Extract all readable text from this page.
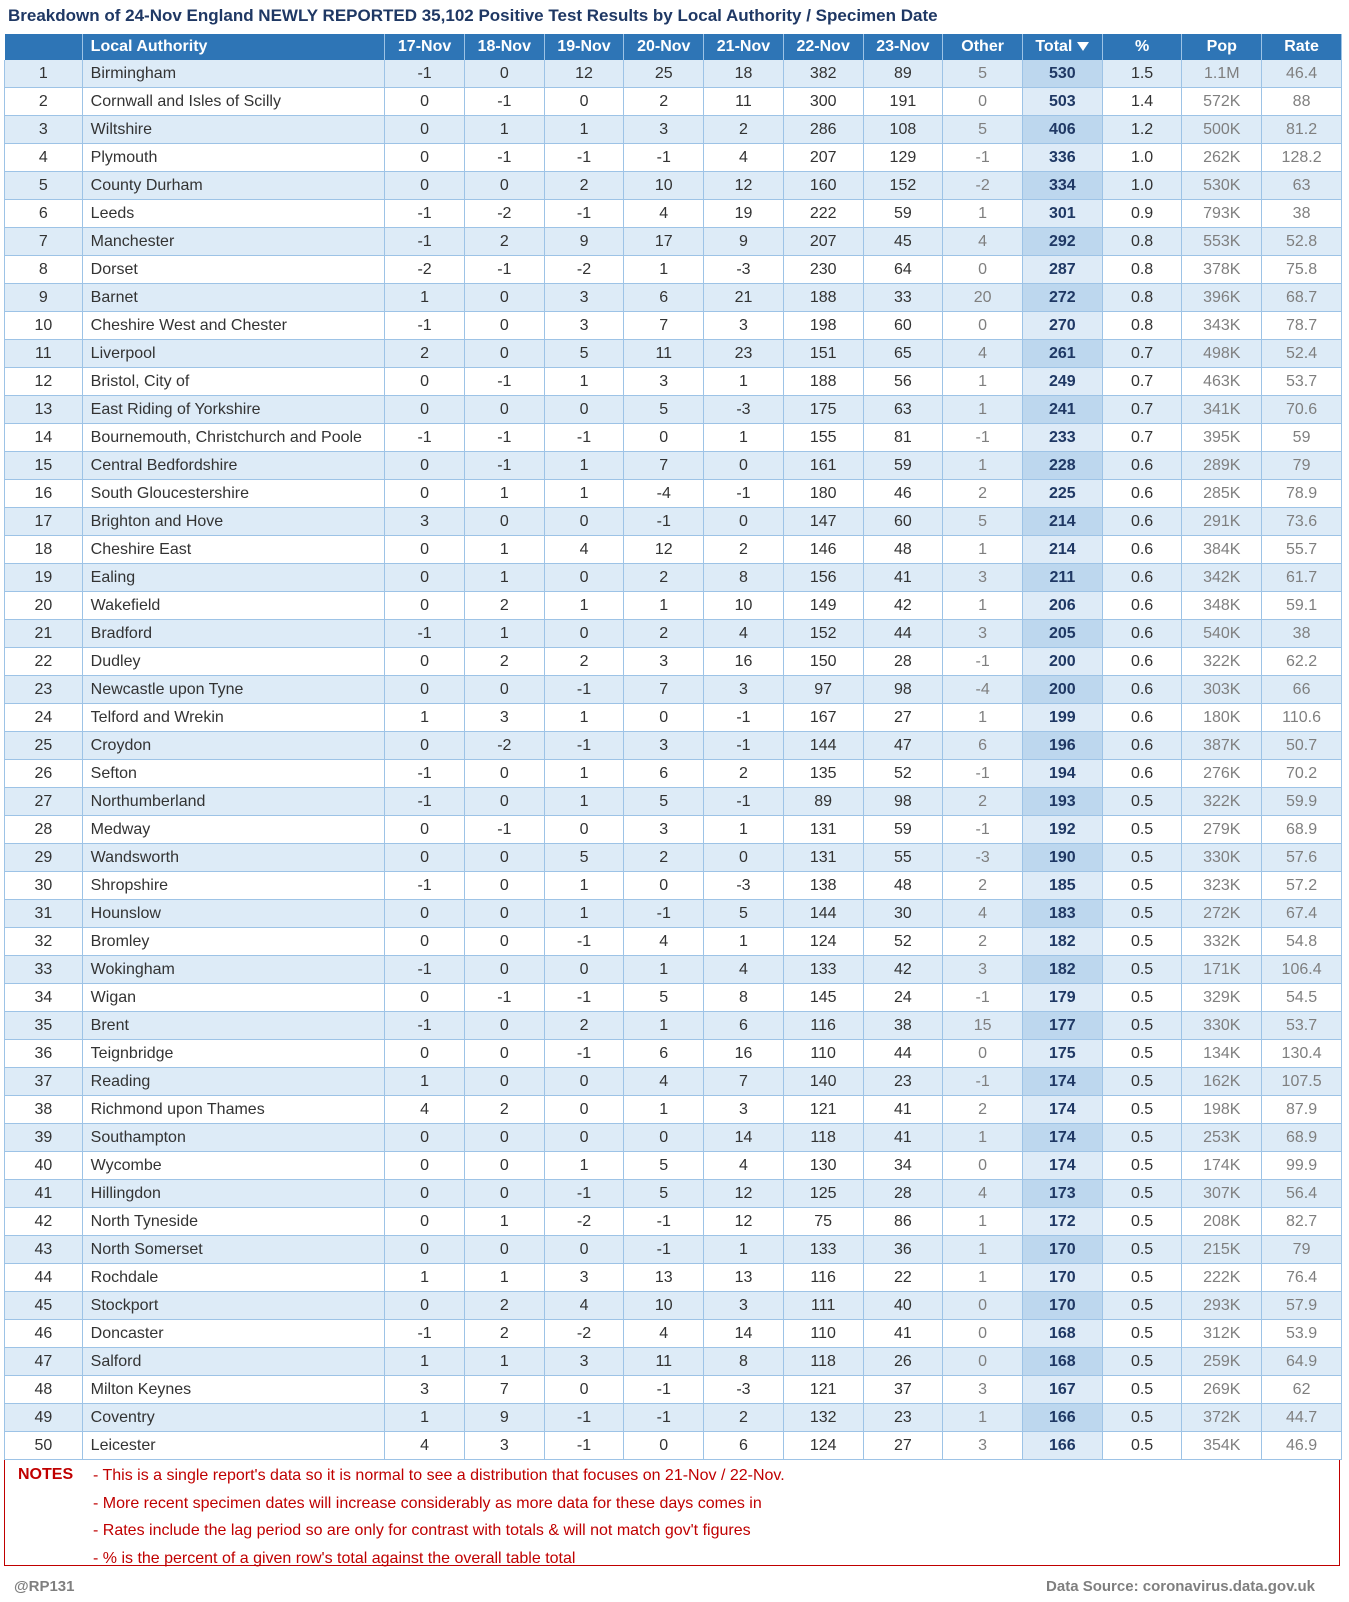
Breakdown of 24-Nov England NEWLY REPORTED 35,102 Positive Test Results by Local Authority / Specimen Date
	Local Authority	17-Nov	18-Nov	19-Nov	20-Nov	21-Nov	22-Nov	23-Nov	Other	Total	%	Pop	Rate
1	Birmingham	-1	0	12	25	18	382	89	5	530	1.5	1.1M	46.4
2	Cornwall and Isles of Scilly	0	-1	0	2	11	300	191	0	503	1.4	572K	88
3	Wiltshire	0	1	1	3	2	286	108	5	406	1.2	500K	81.2
4	Plymouth	0	-1	-1	-1	4	207	129	-1	336	1.0	262K	128.2
5	County Durham	0	0	2	10	12	160	152	-2	334	1.0	530K	63
6	Leeds	-1	-2	-1	4	19	222	59	1	301	0.9	793K	38
7	Manchester	-1	2	9	17	9	207	45	4	292	0.8	553K	52.8
8	Dorset	-2	-1	-2	1	-3	230	64	0	287	0.8	378K	75.8
9	Barnet	1	0	3	6	21	188	33	20	272	0.8	396K	68.7
10	Cheshire West and Chester	-1	0	3	7	3	198	60	0	270	0.8	343K	78.7
11	Liverpool	2	0	5	11	23	151	65	4	261	0.7	498K	52.4
12	Bristol, City of	0	-1	1	3	1	188	56	1	249	0.7	463K	53.7
13	East Riding of Yorkshire	0	0	0	5	-3	175	63	1	241	0.7	341K	70.6
14	Bournemouth, Christchurch and Poole	-1	-1	-1	0	1	155	81	-1	233	0.7	395K	59
15	Central Bedfordshire	0	-1	1	7	0	161	59	1	228	0.6	289K	79
16	South Gloucestershire	0	1	1	-4	-1	180	46	2	225	0.6	285K	78.9
17	Brighton and Hove	3	0	0	-1	0	147	60	5	214	0.6	291K	73.6
18	Cheshire East	0	1	4	12	2	146	48	1	214	0.6	384K	55.7
19	Ealing	0	1	0	2	8	156	41	3	211	0.6	342K	61.7
20	Wakefield	0	2	1	1	10	149	42	1	206	0.6	348K	59.1
21	Bradford	-1	1	0	2	4	152	44	3	205	0.6	540K	38
22	Dudley	0	2	2	3	16	150	28	-1	200	0.6	322K	62.2
23	Newcastle upon Tyne	0	0	-1	7	3	97	98	-4	200	0.6	303K	66
24	Telford and Wrekin	1	3	1	0	-1	167	27	1	199	0.6	180K	110.6
25	Croydon	0	-2	-1	3	-1	144	47	6	196	0.6	387K	50.7
26	Sefton	-1	0	1	6	2	135	52	-1	194	0.6	276K	70.2
27	Northumberland	-1	0	1	5	-1	89	98	2	193	0.5	322K	59.9
28	Medway	0	-1	0	3	1	131	59	-1	192	0.5	279K	68.9
29	Wandsworth	0	0	5	2	0	131	55	-3	190	0.5	330K	57.6
30	Shropshire	-1	0	1	0	-3	138	48	2	185	0.5	323K	57.2
31	Hounslow	0	0	1	-1	5	144	30	4	183	0.5	272K	67.4
32	Bromley	0	0	-1	4	1	124	52	2	182	0.5	332K	54.8
33	Wokingham	-1	0	0	1	4	133	42	3	182	0.5	171K	106.4
34	Wigan	0	-1	-1	5	8	145	24	-1	179	0.5	329K	54.5
35	Brent	-1	0	2	1	6	116	38	15	177	0.5	330K	53.7
36	Teignbridge	0	0	-1	6	16	110	44	0	175	0.5	134K	130.4
37	Reading	1	0	0	4	7	140	23	-1	174	0.5	162K	107.5
38	Richmond upon Thames	4	2	0	1	3	121	41	2	174	0.5	198K	87.9
39	Southampton	0	0	0	0	14	118	41	1	174	0.5	253K	68.9
40	Wycombe	0	0	1	5	4	130	34	0	174	0.5	174K	99.9
41	Hillingdon	0	0	-1	5	12	125	28	4	173	0.5	307K	56.4
42	North Tyneside	0	1	-2	-1	12	75	86	1	172	0.5	208K	82.7
43	North Somerset	0	0	0	-1	1	133	36	1	170	0.5	215K	79
44	Rochdale	1	1	3	13	13	116	22	1	170	0.5	222K	76.4
45	Stockport	0	2	4	10	3	111	40	0	170	0.5	293K	57.9
46	Doncaster	-1	2	-2	4	14	110	41	0	168	0.5	312K	53.9
47	Salford	1	1	3	11	8	118	26	0	168	0.5	259K	64.9
48	Milton Keynes	3	7	0	-1	-3	121	37	3	167	0.5	269K	62
49	Coventry	1	9	-1	-1	2	132	23	1	166	0.5	372K	44.7
50	Leicester	4	3	-1	0	6	124	27	3	166	0.5	354K	46.9
NOTES - This is a single report's data so it is normal to see a distribution that focuses on 21-Nov / 22-Nov.
- More recent specimen dates will increase considerably as more data for these days comes in
- Rates include the lag period so are only for contrast with totals & will not match gov't figures
- % is the percent of a given row's total against the overall table total
@RP131	Data Source: coronavirus.data.gov.uk
